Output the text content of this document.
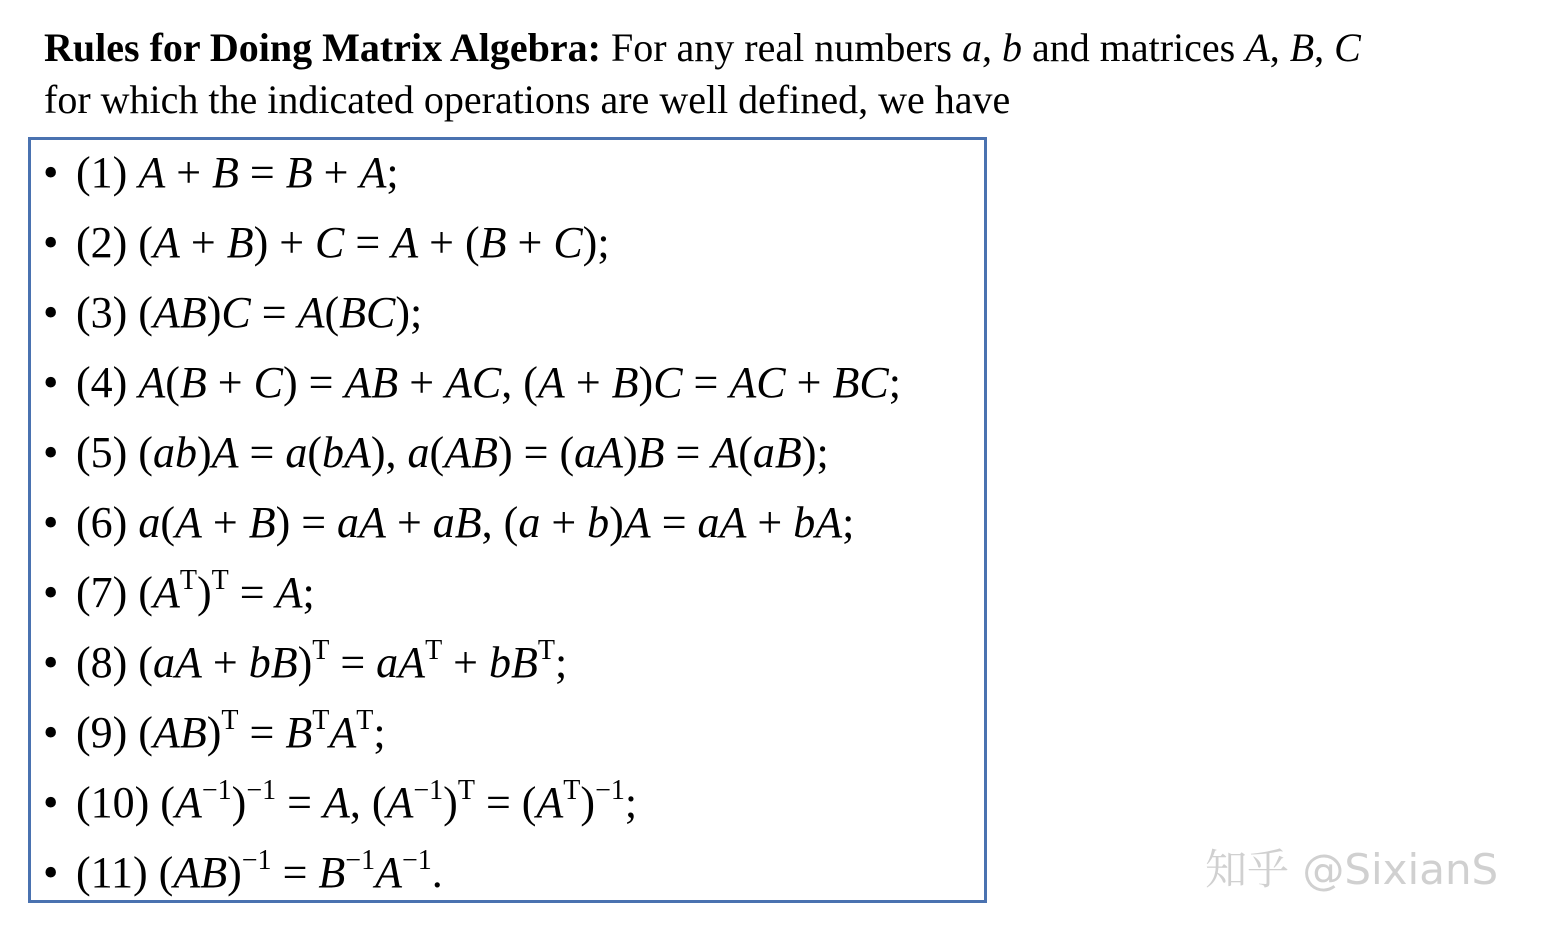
Rules for Doing Matrix Algebra: For any real numbers a, b and matrices A, B, C
for which the indicated operations are well defined, we have
• (1) A + B = B + A;
• (2) (A + B) + C = A + (B + C);
• (3) (AB)C = A(BC);
• (4) A(B + C) = AB + AC, (A + B)C = AC + BC;
• (5) (ab)A = a(bA), a(AB) = (aA)B = A(aB);
• (6) a(A + B) = aA + aB, (a + b)A = aA + bA;
• (7) $(A^T)^T = A$;
• (8) $(aA + bB)^T = aA^T + bB^T$;
• (9) $(AB)^T = B^TA^T$;
• (10) $(A^{-1})^{-1} = A$, $(A^{-1})^T = (A^T)^{-1}$;
• (11) $(AB)^{-1} = B^{-1}A^{-1}$.	知乎 @SixianS
